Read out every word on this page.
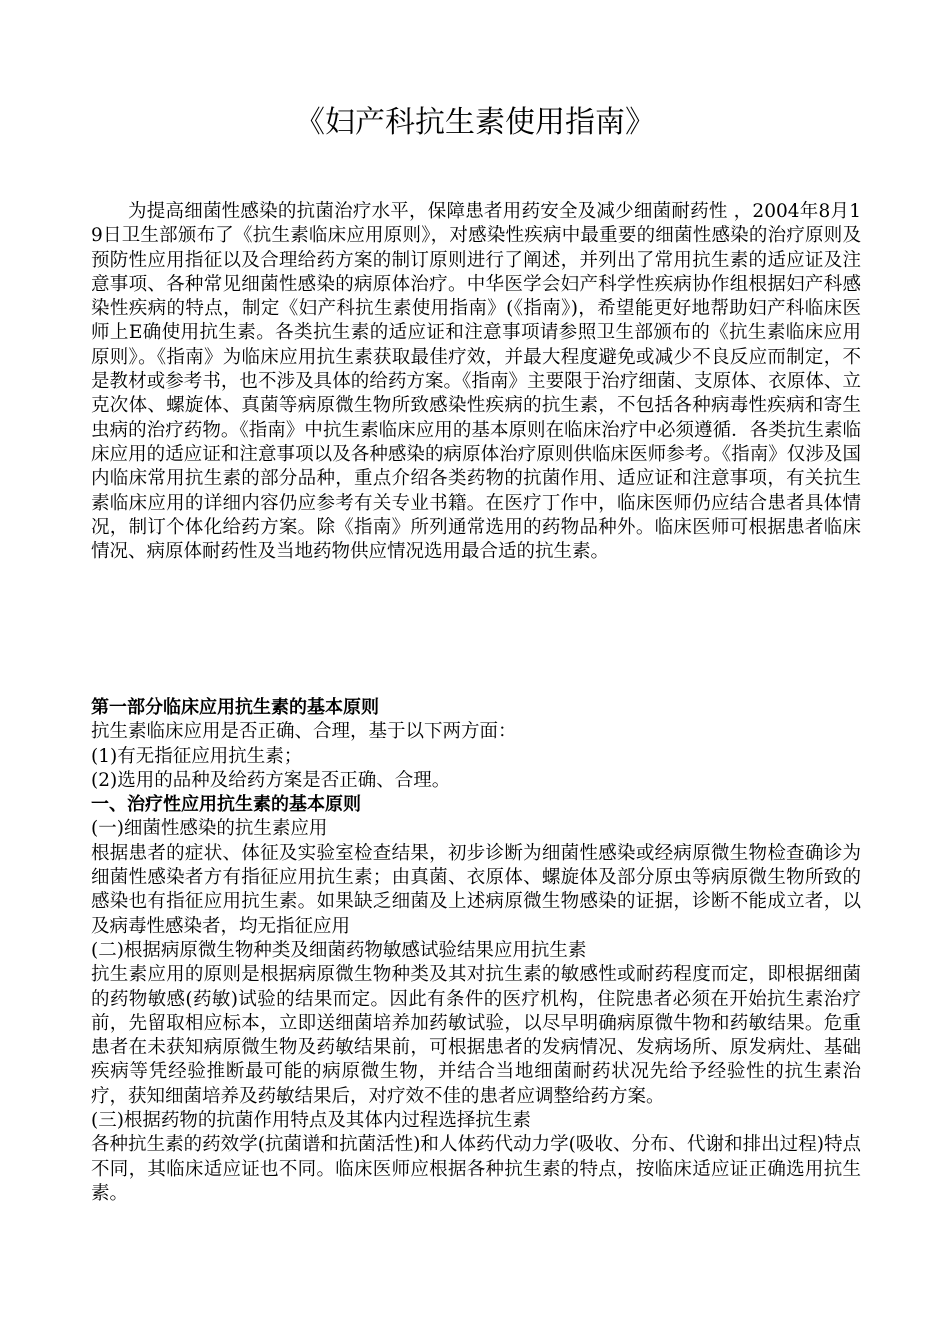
《妇产科抗生素使用指南》

为提高细菌性感染的抗菌治疗水平，保障患者用药安全及减少细菌耐药性 ，2004年8月19日卫生部颁布了《抗生素临床应用原则》，对感染性疾病中最重要的细菌性感染的治疗原则及预防性应用指征以及合理给药方案的制订原则进行了阐述，并列出了常用抗生素的适应证及注意事项、各种常见细菌性感染的病原体治疗。中华医学会妇产科学性疾病协作组根据妇产科感染性疾病的特点，制定《妇产科抗生素使用指南》(《指南》)，希望能更好地帮助妇产科临床医师上E确使用抗生素。各类抗生素的适应证和注意事项请参照卫生部颁布的《抗生素临床应用原则》。《指南》为临床应用抗生素获取最佳疗效，并最大程度避免或减少不良反应而制定，不是教材或参考书，也不涉及具体的给药方案。《指南》主要限于治疗细菌、支原体、衣原体、立克次体、螺旋体、真菌等病原微生物所致感染性疾病的抗生素，不包括各种病毒性疾病和寄生虫病的治疗药物。《指南》中抗生素临床应用的基本原则在临床治疗中必须遵循．各类抗生素临床应用的适应证和注意事项以及各种感染的病原体治疗原则供临床医师参考。《指南》仅涉及国内临床常用抗生素的部分品种，重点介绍各类药物的抗菌作用、适应证和注意事项，有关抗生素临床应用的详细内容仍应参考有关专业书籍。在医疗丁作中，临床医师仍应结合患者具体情况，制订个体化给药方案。除《指南》所列通常选用的药物品种外。临床医师可根据患者临床情况、病原体耐药性及当地药物供应情况选用最合适的抗生素。

第一部分临床应用抗生素的基本原则

抗生素临床应用是否正确、合理，基于以下两方面：

(1)有无指征应用抗生素；

(2)选用的品种及给药方案是否正确、合理。

一、治疗性应用抗生素的基本原则

(一)细菌性感染的抗生素应用

根据患者的症状、体征及实验室检查结果，初步诊断为细菌性感染或经病原微生物检查确诊为细菌性感染者方有指征应用抗生素；由真菌、衣原体、螺旋体及部分原虫等病原微生物所致的感染也有指征应用抗生素。如果缺乏细菌及上述病原微生物感染的证据，诊断不能成立者，以及病毒性感染者，均无指征应用

(二)根据病原微生物种类及细菌药物敏感试验结果应用抗生素

抗生素应用的原则是根据病原微生物种类及其对抗生素的敏感性或耐药程度而定，即根据细菌的药物敏感(药敏)试验的结果而定。因此有条件的医疗机构，住院患者必须在开始抗生素治疗前，先留取相应标本，立即送细菌培养加药敏试验，以尽早明确病原微牛物和药敏结果。危重患者在未获知病原微生物及药敏结果前，可根据患者的发病情况、发病场所、原发病灶、基础疾病等凭经验推断最可能的病原微生物，并结合当地细菌耐药状况先给予经验性的抗生素治疗，获知细菌培养及药敏结果后，对疗效不佳的患者应调整给药方案。

(三)根据药物的抗菌作用特点及其体内过程选择抗生素

各种抗生素的药效学(抗菌谱和抗菌活性)和人体药代动力学(吸收、分布、代谢和排出过程)特点不同，其临床适应证也不同。临床医师应根据各种抗生素的特点，按临床适应证正确选用抗生素。
